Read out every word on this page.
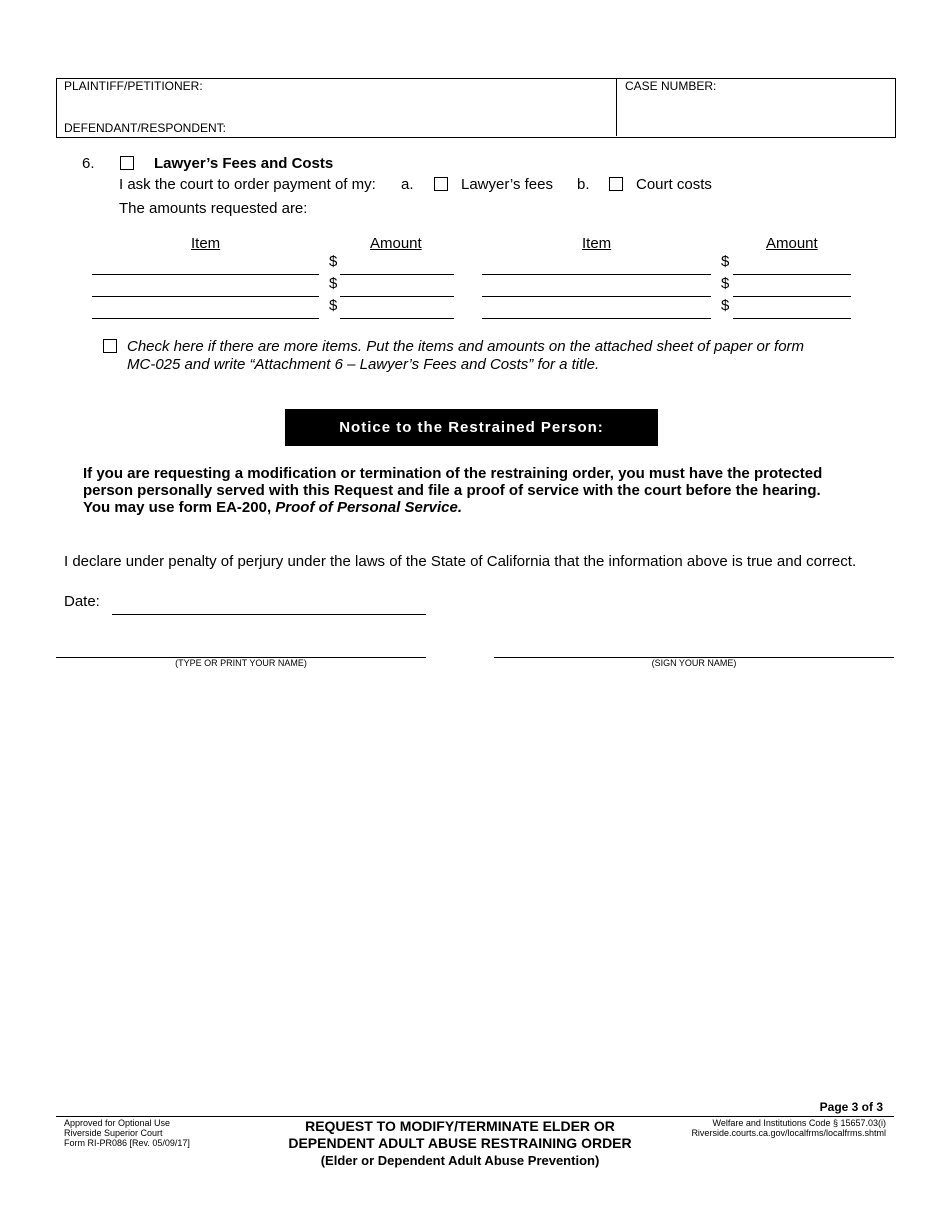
PLAINTIFF/PETITIONER:
DEFENDANT/RESPONDENT:
CASE NUMBER:
6.	Lawyer’s Fees and Costs
I ask the court to order payment of my: a.	Lawyer’s fees b.	Court costs
The amounts requested are:
Item	Amount	Item	Amount
$	$
$	$
$	$
Check here if there are more items. Put the items and amounts on the attached sheet of paper or form
MC-025 and write “Attachment 6 – Lawyer’s Fees and Costs” for a title.
Notice to the Restrained Person:
If you are requesting a modification or termination of the restraining order, you must have the protected
person personally served with this Request and file a proof of service with the court before the hearing.
You may use form EA-200, Proof of Personal Service.
I declare under penalty of perjury under the laws of the State of California that the information above is true and correct.
Date:
(TYPE OR PRINT YOUR NAME)	(SIGN YOUR NAME)
Page 3 of 3
Approved for Optional Use
Riverside Superior Court
Form RI-PR086 [Rev. 05/09/17]
REQUEST TO MODIFY/TERMINATE ELDER OR
DEPENDENT ADULT ABUSE RESTRAINING ORDER
(Elder or Dependent Adult Abuse Prevention)
Welfare and Institutions Code § 15657.03(i)
Riverside.courts.ca.gov/localfrms/localfrms.shtml
